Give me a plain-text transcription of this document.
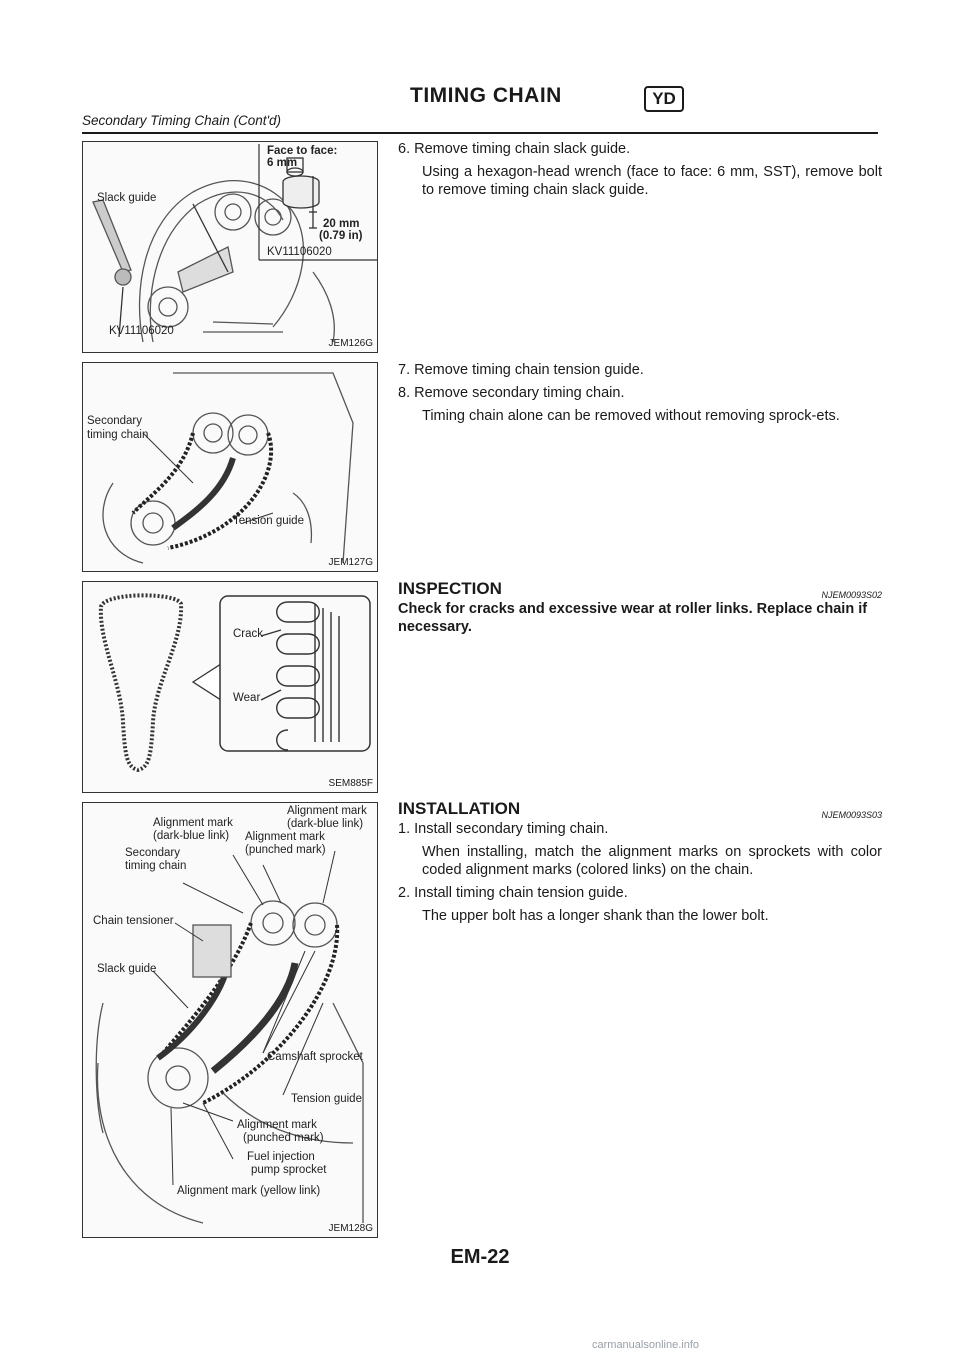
TIMING CHAIN	YD
Secondary Timing Chain (Cont'd)
Face to face:
6 mm
20 mm
(0.79 in)
KV11106020
Slack guide
KV11106020
JEM126G
Secondary
timing chain
Tension guide
JEM127G
Crack
Wear
SEM885F
Alignment mark
(dark-blue link)
Alignment mark
(dark-blue link)
Alignment mark
(punched mark)
Secondary
timing chain
Chain tensioner
Slack guide
Camshaft sprocket
Tension guide
Alignment mark
(punched mark)
Fuel injection
pump sprocket
Alignment mark (yellow link)
JEM128G

6. Remove timing chain slack guide.

Using a hexagon-head wrench (face to face: 6 mm, SST), remove bolt to remove timing chain slack guide.

7. Remove timing chain tension guide.

8. Remove secondary timing chain.

Timing chain alone can be removed without removing sprock-ets.

INSPECTION	NJEM0093S02

Check for cracks and excessive wear at roller links. Replace chain if necessary.

INSTALLATION	NJEM0093S03

1. Install secondary timing chain.

When installing, match the alignment marks on sprockets with color coded alignment marks (colored links) on the chain.

2. Install timing chain tension guide.

The upper bolt has a longer shank than the lower bolt.

EM-22
carmanualsonline.info
